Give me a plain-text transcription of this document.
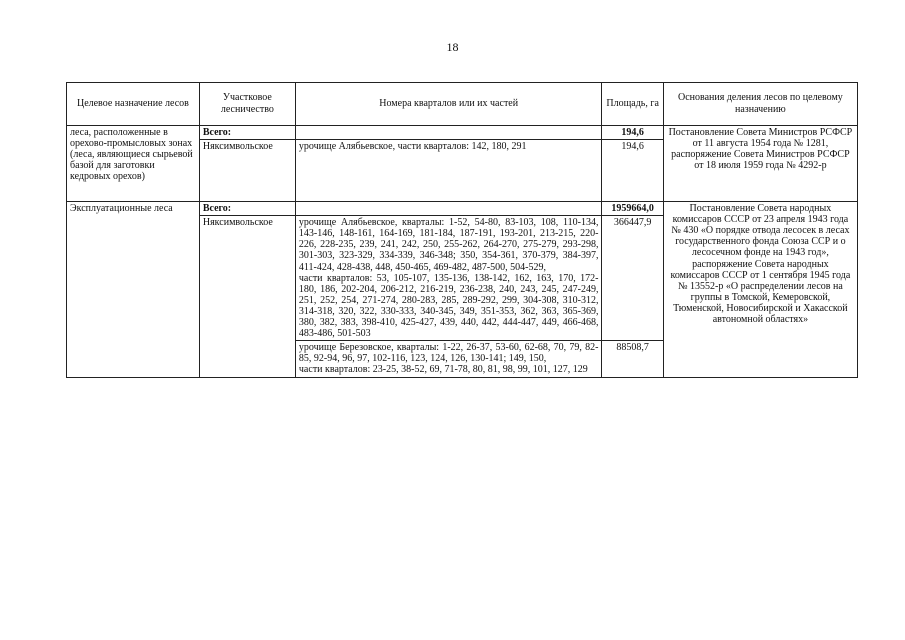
18
Целевое назначение лесов	Участковое лесничество	Номера кварталов или их частей	Площадь, га	Основания деления лесов по целевому назначению
леса, расположенные в орехово-промысловых зонах (леса, являющиеся сырьевой базой для заготовки кедровых орехов)	Всего:		194,6	Постановление Совета Министров РСФСР от 11 августа 1954 года № 1281, распоряжение Совета Министров РСФСР от 18 июля 1959 года № 4292-р
	Няксимвольское	урочище Алябьевское, части кварталов: 142, 180, 291	194,6	
Эксплуатационные леса	Всего:		1959664,0	Постановление Совета народных комиссаров СССР от 23 апреля 1943 года № 430 «О порядке отвода лесосек в лесах государственного фонда Союза ССР и о лесосечном фонде на 1943 год», распоряжение Совета народных комиссаров СССР от 1 сентября 1945 года № 13552-р «О распределении лесов на группы в Томской, Кемеровской, Тюменской, Новосибирской и Хакасской автономной областях»
	Няксимвольское	урочище Алябьевское, кварталы: 1-52, 54-80, 83-103, 108, 110-134, 143-146, 148-161, 164-169, 181-184, 187-191, 193-201, 213-215, 220-226, 228-235, 239, 241, 242, 250, 255-262, 264-270, 275-279, 293-298, 301-303, 323-329, 334-339, 346-348; 350, 354-361, 370-379, 384-397, 411-424, 428-438, 448, 450-465, 469-482, 487-500, 504-529,
части кварталов: 53, 105-107, 135-136, 138-142, 162, 163, 170, 172-180, 186, 202-204, 206-212, 216-219, 236-238, 240, 243, 245, 247-249, 251, 252, 254, 271-274, 280-283, 285, 289-292, 299, 304-308, 310-312, 314-318, 320, 322, 330-333, 340-345, 349, 351-353, 362, 363, 365-369, 380, 382, 383, 398-410, 425-427, 439, 440, 442, 444-447, 449, 466-468, 483-486, 501-503	366447,9	

		урочище Березовское, кварталы: 1-22, 26-37, 53-60, 62-68, 70, 79, 82-85, 92-94, 96, 97, 102-116, 123, 124, 126, 130-141; 149, 150,
части кварталов: 23-25, 38-52, 69, 71-78, 80, 81, 98, 99, 101, 127, 129	88508,7	
